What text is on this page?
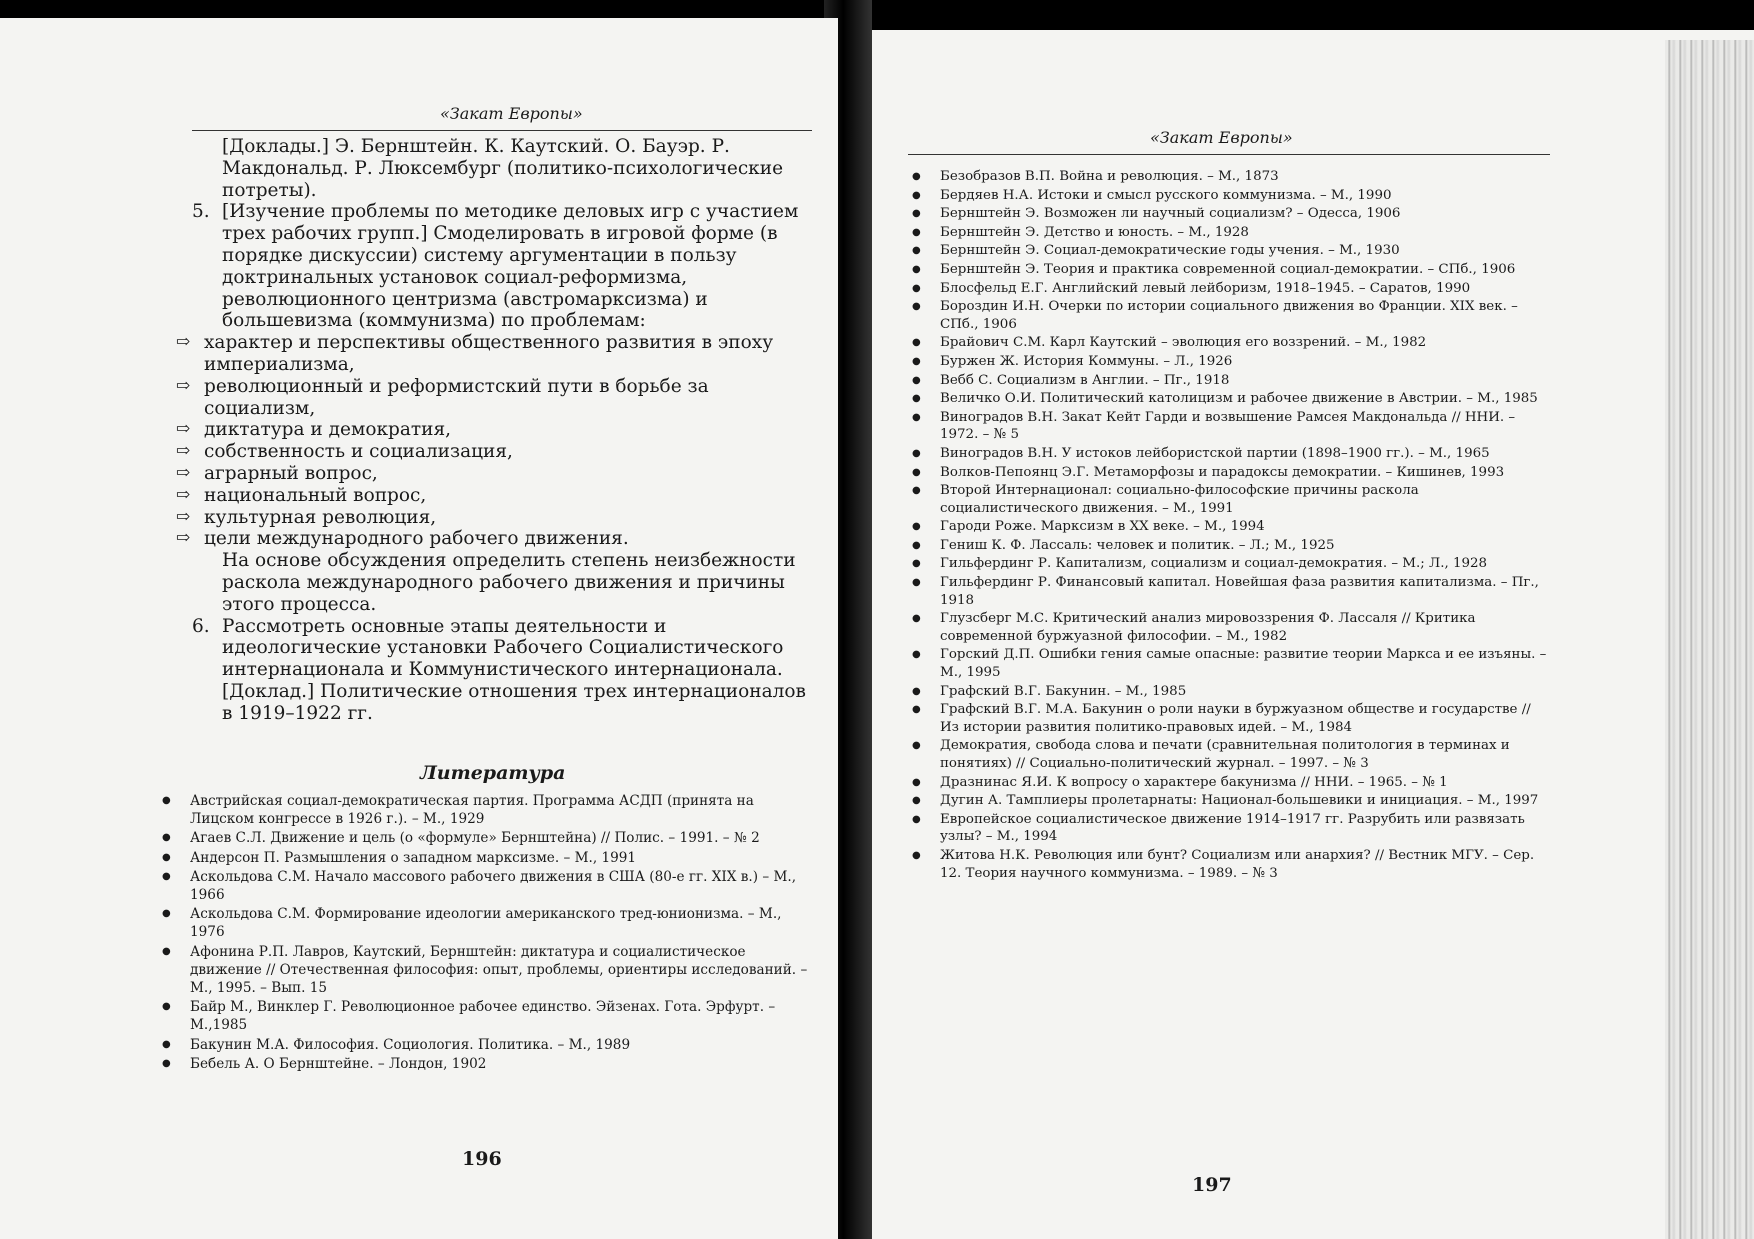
«Закат Европы»

[Доклады.] Э. Бернштейн. К. Каутский. О. Бауэр. Р. Макдональд. Р. Люксембург (политико-психологические потреты).

5. [Изучение проблемы по методике деловых игр с участием трех рабочих групп.] Смоделировать в игровой форме (в порядке дискуссии) систему аргументации в пользу доктринальных установок социал-реформизма, революционного центризма (австромарксизма) и большевизма (коммунизма) по проблемам:
⇨ характер и перспективы общественного развития в эпоху империализма,
⇨ революционный и реформистский пути в борьбе за социализм,
⇨ диктатура и демократия,
⇨ собственность и социализация,
⇨ аграрный вопрос,
⇨ национальный вопрос,
⇨ культурная революция,
⇨ цели международного рабочего движения.

На основе обсуждения определить степень неизбежности раскола международного рабочего движения и причины этого процесса.

6. Рассмотреть основные этапы деятельности и идеологические установки Рабочего Социалистического интернационала и Коммунистического интернационала.

[Доклад.] Политические отношения трех интернационалов в 1919–1922 гг.

Литература
● Австрийская социал-демократическая партия. Программа АСДП (принята на Лицском конгрессе в 1926 г.). – М., 1929
● Агаев С.Л. Движение и цель (о «формуле» Бернштейна) // Полис. – 1991. – № 2
● Андерсон П. Размышления о западном марксизме. – М., 1991
● Аскольдова С.М. Начало массового рабочего движения в США (80-е гг. XIX в.) – М., 1966
● Аскольдова С.М. Формирование идеологии американского тред-юнионизма. – М., 1976
● Афонина Р.П. Лавров, Каутский, Бернштейн: диктатура и социалистическое движение // Отечественная философия: опыт, проблемы, ориентиры исследований. – М., 1995. – Вып. 15
● Байр М., Винклер Г. Революционное рабочее единство. Эйзенах. Гота. Эрфурт. – М.,1985
● Бакунин М.А. Философия. Социология. Политика. – М., 1989
● Бебель А. О Бернштейне. – Лондон, 1902
196
«Закат Европы»
● Безобразов В.П. Война и революция. – М., 1873
● Бердяев Н.А. Истоки и смысл русского коммунизма. – М., 1990
● Бернштейн Э. Возможен ли научный социализм? – Одесса, 1906
● Бернштейн Э. Детство и юность. – М., 1928
● Бернштейн Э. Социал-демократические годы учения. – М., 1930
● Бернштейн Э. Теория и практика современной социал-демократии. – СПб., 1906
● Блосфельд Е.Г. Английский левый лейборизм, 1918–1945. – Саратов, 1990
● Бороздин И.Н. Очерки по истории социального движения во Франции. XIX век. – СПб., 1906
● Брайович С.М. Карл Каутский – эволюция его воззрений. – М., 1982
● Буржен Ж. История Коммуны. – Л., 1926
● Вебб С. Социализм в Англии. – Пг., 1918
● Величко О.И. Политический католицизм и рабочее движение в Австрии. – М., 1985
● Виноградов В.Н. Закат Кейт Гарди и возвышение Рамсея Макдональда // ННИ. – 1972. – № 5
● Виноградов В.Н. У истоков лейбористской партии (1898–1900 гг.). – М., 1965
● Волков-Пепоянц Э.Г. Метаморфозы и парадоксы демократии. – Кишинев, 1993
● Второй Интернационал: социально-философские причины раскола социалистического движения. – М., 1991
● Гароди Роже. Марксизм в XX веке. – М., 1994
● Гениш К. Ф. Лассаль: человек и политик. – Л.; М., 1925
● Гильфердинг Р. Капитализм, социализм и социал-демократия. – М.; Л., 1928
● Гильфердинг Р. Финансовый капитал. Новейшая фаза развития капитализма. – Пг., 1918
● Глузсберг М.С. Критический анализ мировоззрения Ф. Лассаля // Критика современной буржуазной философии. – М., 1982
● Горский Д.П. Ошибки гения самые опасные: развитие теории Маркса и ее изъяны. – М., 1995
● Графский В.Г. Бакунин. – М., 1985
● Графский В.Г. М.А. Бакунин о роли науки в буржуазном обществе и государстве // Из истории развития политико-правовых идей. – М., 1984
● Демократия, свобода слова и печати (сравнительная политология в терминах и понятиях) // Социально-политический журнал. – 1997. – № 3
● Дразнинас Я.И. К вопросу о характере бакунизма // ННИ. – 1965. – № 1
● Дугин А. Тамплиеры пролетарнаты: Национал-большевики и инициация. – М., 1997
● Европейское социалистическое движение 1914–1917 гг. Разрубить или развязать узлы? – М., 1994
● Житова Н.К. Революция или бунт? Социализм или анархия? // Вестник МГУ. – Сер. 12. Теория научного коммунизма. – 1989. – № 3
197
